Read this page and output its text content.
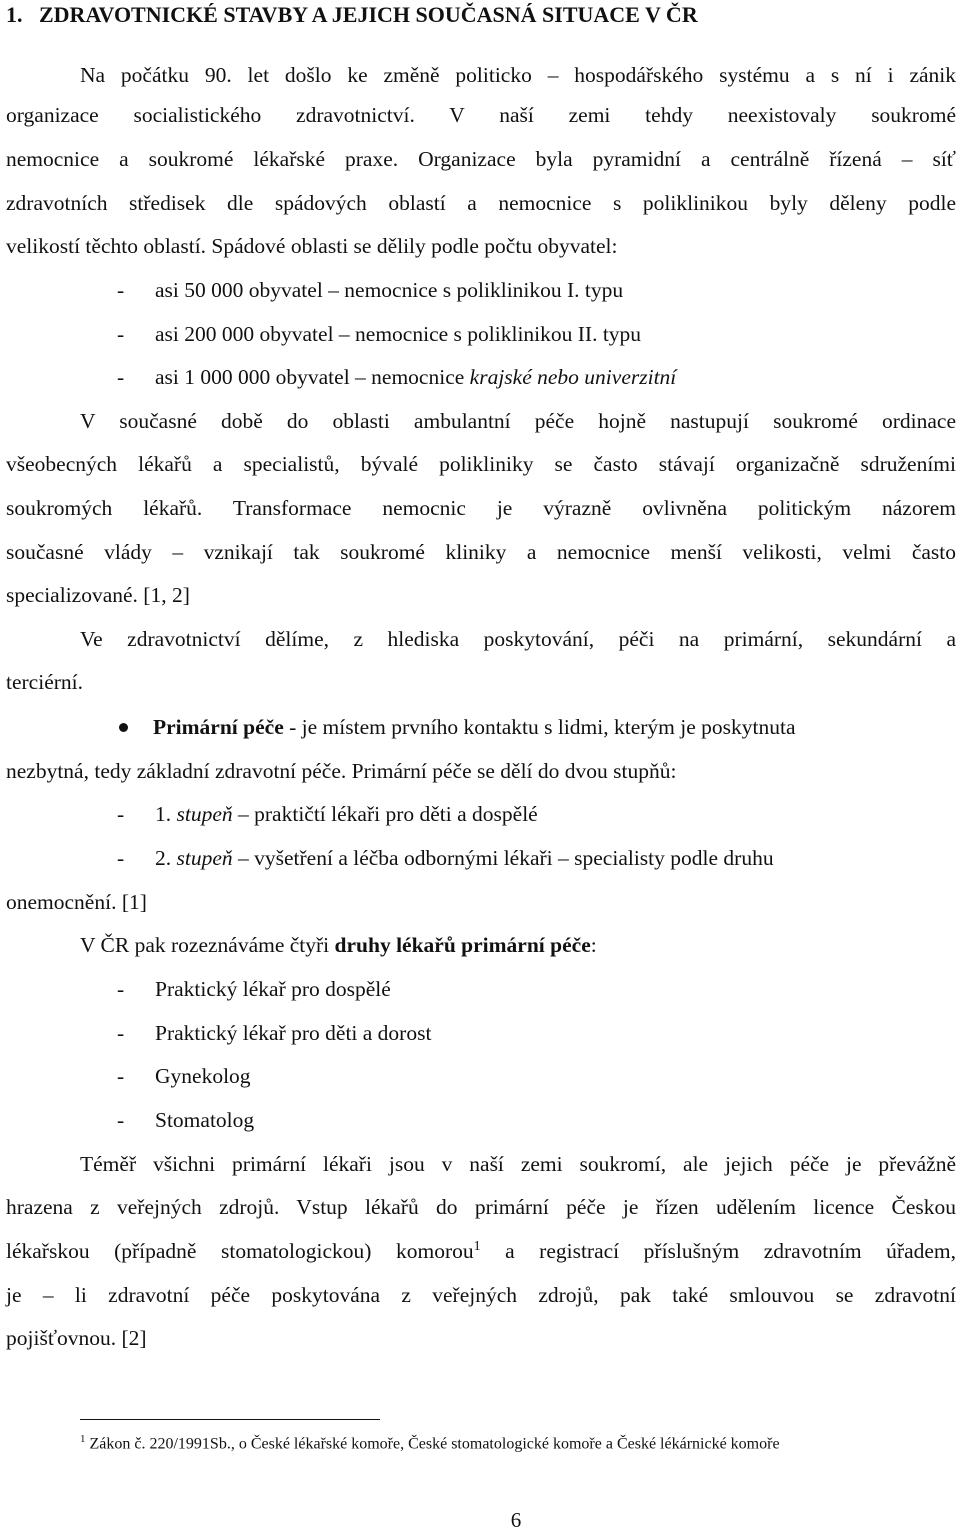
1. ZDRAVOTNICKÉ STAVBY A JEJICH SOUČASNÁ SITUACE V ČR
Na počátku 90. let došlo ke změně politicko – hospodářského systému a s ní i zánik
organizace socialistického zdravotnictví. V naší zemi tehdy neexistovaly soukromé
nemocnice a soukromé lékařské praxe. Organizace byla pyramidní a centrálně řízená – síť
zdravotních středisek dle spádových oblastí a nemocnice s poliklinikou byly děleny podle
velikostí těchto oblastí. Spádové oblasti se dělily podle počtu obyvatel:
- asi 50 000 obyvatel – nemocnice s poliklinikou I. typu
- asi 200 000 obyvatel – nemocnice s poliklinikou II. typu
- asi 1 000 000 obyvatel – nemocnice krajské nebo univerzitní
V současné době do oblasti ambulantní péče hojně nastupují soukromé ordinace
všeobecných lékařů a specialistů, bývalé polikliniky se často stávají organizačně sdruženími
soukromých lékařů. Transformace nemocnic je výrazně ovlivněna politickým názorem
současné vlády – vznikají tak soukromé kliniky a nemocnice menší velikosti, velmi často
specializované. [1, 2]
Ve zdravotnictví dělíme, z hlediska poskytování, péči na primární, sekundární a
terciérní.
Primární péče - je místem prvního kontaktu s lidmi, kterým je poskytnuta
nezbytná, tedy základní zdravotní péče. Primární péče se dělí do dvou stupňů:
- 1. stupeň – praktičtí lékaři pro děti a dospělé
- 2. stupeň – vyšetření a léčba odbornými lékaři – specialisty podle druhu
onemocnění. [1]
V ČR pak rozeznáváme čtyři druhy lékařů primární péče:
- Praktický lékař pro dospělé
- Praktický lékař pro děti a dorost
- Gynekolog
- Stomatolog
Téměř všichni primární lékaři jsou v naší zemi soukromí, ale jejich péče je převážně
hrazena z veřejných zdrojů. Vstup lékařů do primární péče je řízen udělením licence Českou
lékařskou (případně stomatologickou) komorou$^1$ a registrací příslušným zdravotním úřadem,
je – li zdravotní péče poskytována z veřejných zdrojů, pak také smlouvou se zdravotní
pojišťovnou. [2]
$^1$ Zákon č. 220/1991Sb., o České lékařské komoře, České stomatologické komoře a České lékárnické komoře
6
